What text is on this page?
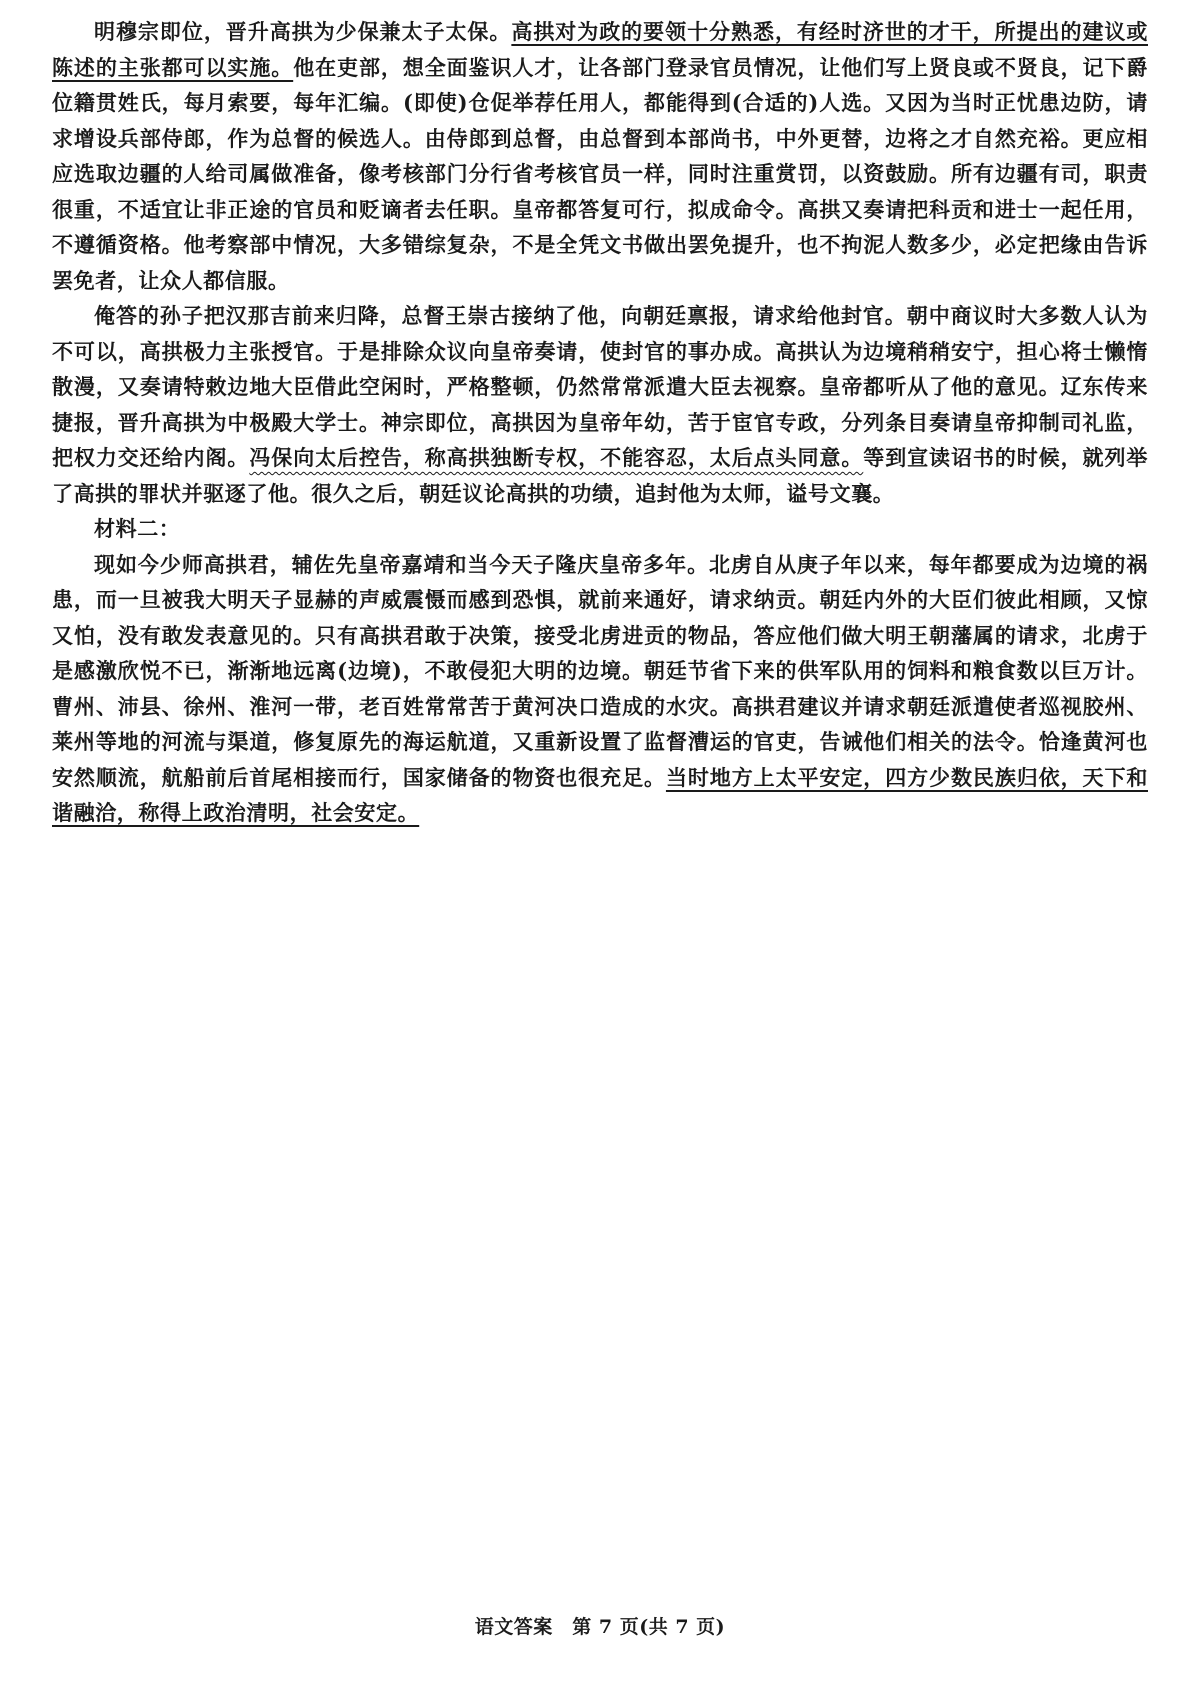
明穆宗即位，晋升高拱为少保兼太子太保。高拱对为政的要领十分熟悉，有经时济世的才干，所提出的建议或陈述的主张都可以实施。他在吏部，想全面鉴识人才，让各部门登录官员情况，让他们写上贤良或不贤良，记下爵位籍贯姓氏，每月索要，每年汇编。(即使)仓促举荐任用人，都能得到(合适的)人选。又因为当时正忧患边防，请求增设兵部侍郎，作为总督的候选人。由侍郎到总督，由总督到本部尚书，中外更替，边将之才自然充裕。更应相应选取边疆的人给司属做准备，像考核部门分行省考核官员一样，同时注重赏罚，以资鼓励。所有边疆有司，职责很重，不适宜让非正途的官员和贬谪者去任职。皇帝都答复可行，拟成命令。高拱又奏请把科贡和进士一起任用，不遵循资格。他考察部中情况，大多错综复杂，不是全凭文书做出罢免提升，也不拘泥人数多少，必定把缘由告诉罢免者，让众人都信服。

俺答的孙子把汉那吉前来归降，总督王崇古接纳了他，向朝廷禀报，请求给他封官。朝中商议时大多数人认为不可以，高拱极力主张授官。于是排除众议向皇帝奏请，使封官的事办成。高拱认为边境稍稍安宁，担心将士懒惰散漫，又奏请特敕边地大臣借此空闲时，严格整顿，仍然常常派遣大臣去视察。皇帝都听从了他的意见。辽东传来捷报，晋升高拱为中极殿大学士。神宗即位，高拱因为皇帝年幼，苦于宦官专政，分列条目奏请皇帝抑制司礼监，把权力交还给内阁。冯保向太后控告，称高拱独断专权，不能容忍，太后点头同意。等到宣读诏书的时候，就列举了高拱的罪状并驱逐了他。很久之后，朝廷议论高拱的功绩，追封他为太师，谥号文襄。

材料二：

现如今少师高拱君，辅佐先皇帝嘉靖和当今天子隆庆皇帝多年。北虏自从庚子年以来，每年都要成为边境的祸患，而一旦被我大明天子显赫的声威震慑而感到恐惧，就前来通好，请求纳贡。朝廷内外的大臣们彼此相顾，又惊又怕，没有敢发表意见的。只有高拱君敢于决策，接受北虏进贡的物品，答应他们做大明王朝藩属的请求，北虏于是感激欣悦不已，渐渐地远离(边境)，不敢侵犯大明的边境。朝廷节省下来的供军队用的饲料和粮食数以巨万计。曹州、沛县、徐州、淮河一带，老百姓常常苦于黄河决口造成的水灾。高拱君建议并请求朝廷派遣使者巡视胶州、莱州等地的河流与渠道，修复原先的海运航道，又重新设置了监督漕运的官吏，告诫他们相关的法令。恰逢黄河也安然顺流，航船前后首尾相接而行，国家储备的物资也很充足。当时地方上太平安定，四方少数民族归依，天下和谐融洽，称得上政治清明，社会安定。

语文答案　第 7 页(共 7 页)
